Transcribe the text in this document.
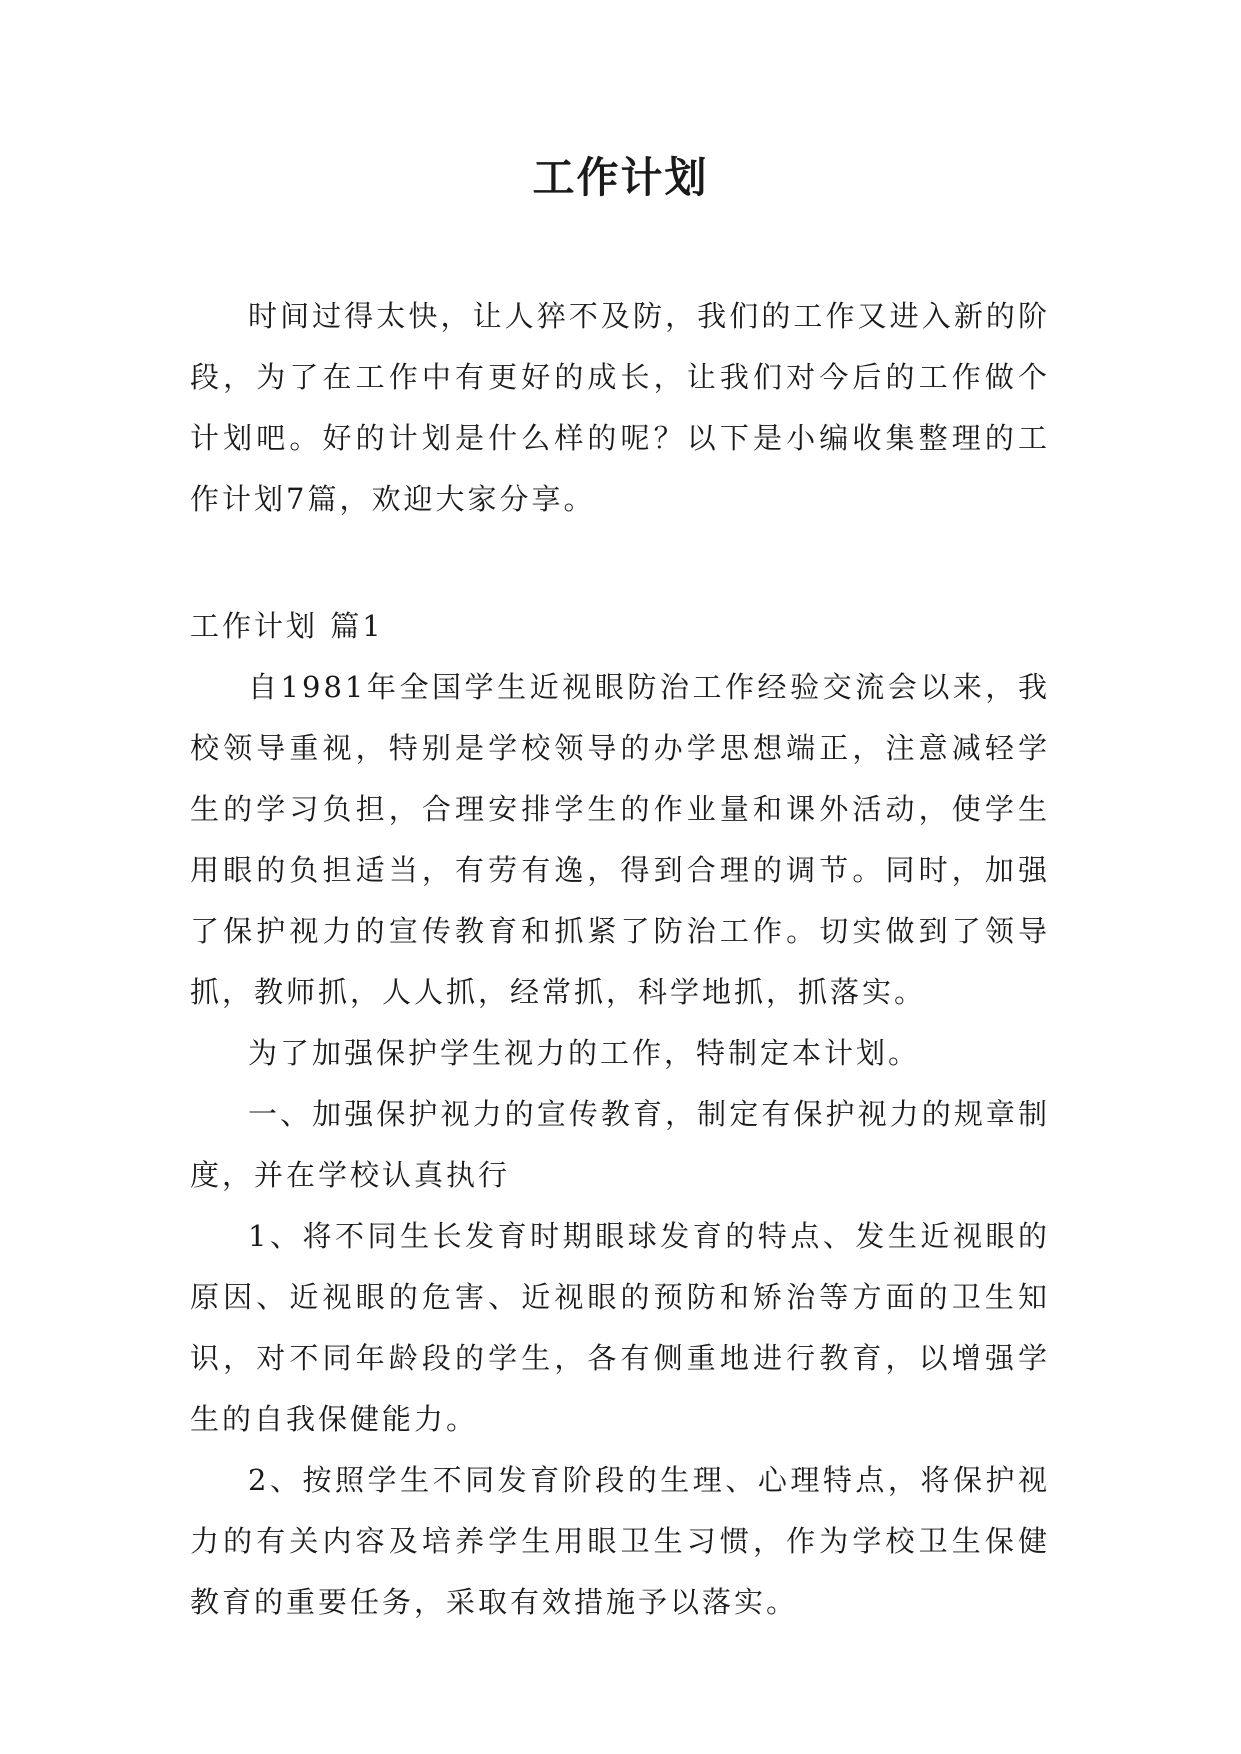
工作计划

时间过得太快，让人猝不及防，我们的工作又进入新的阶段，为了在工作中有更好的成长，让我们对今后的工作做个计划吧。好的计划是什么样的呢？以下是小编收集整理的工作计划7篇，欢迎大家分享。

工作计划 篇1

自1981年全国学生近视眼防治工作经验交流会以来，我校领导重视，特别是学校领导的办学思想端正，注意减轻学生的学习负担，合理安排学生的作业量和课外活动，使学生用眼的负担适当，有劳有逸，得到合理的调节。同时，加强了保护视力的宣传教育和抓紧了防治工作。切实做到了领导抓，教师抓，人人抓，经常抓，科学地抓，抓落实。

为了加强保护学生视力的工作，特制定本计划。

一、加强保护视力的宣传教育，制定有保护视力的规章制度，并在学校认真执行

1、将不同生长发育时期眼球发育的特点、发生近视眼的原因、近视眼的危害、近视眼的预防和矫治等方面的卫生知识，对不同年龄段的学生，各有侧重地进行教育，以增强学生的自我保健能力。

2、按照学生不同发育阶段的生理、心理特点，将保护视力的有关内容及培养学生用眼卫生习惯，作为学校卫生保健教育的重要任务，采取有效措施予以落实。
